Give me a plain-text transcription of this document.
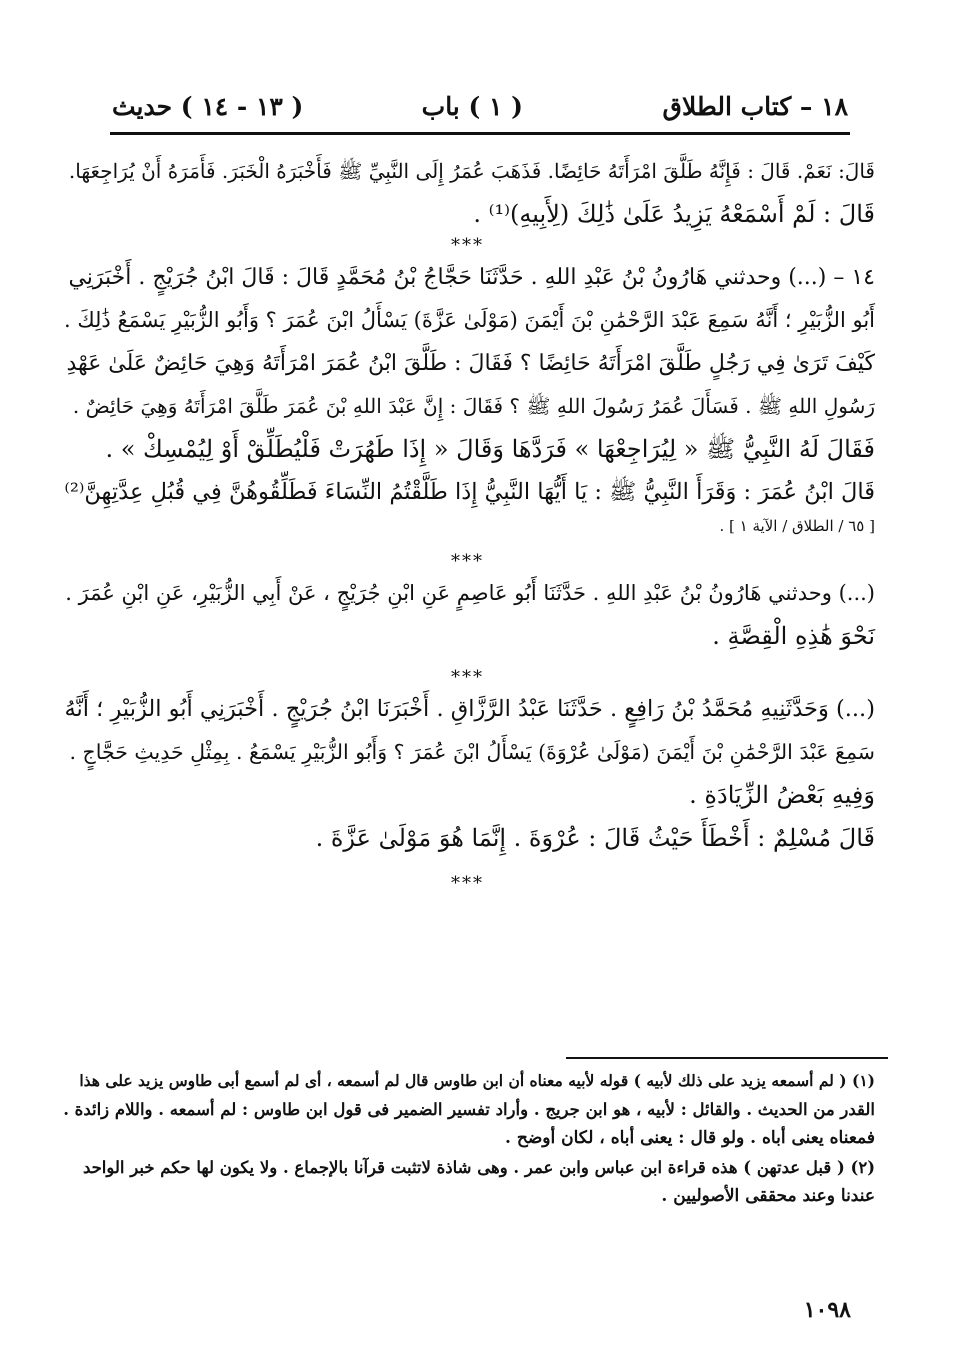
١٨ – كتاب الطلاق
( ١ ) باب
( ١٣ - ١٤ ) حديث
قَالَ: نَعَمْ. قَالَ : فَإِنَّهُ طَلَّقَ امْرَأَتَهُ حَائِضًا. فَذَهَبَ عُمَرُ إِلَى النَّبِيِّ ﷺ فَأَخْبَرَهُ الْخَبَرَ. فَأَمَرَهُ أَنْ يُرَاجِعَهَا.
قَالَ : لَمْ أَسْمَعْهُ يَزِيدُ عَلَىٰ ذَٰلِكَ (لِأَبِيهِ)⁽¹⁾ .
***
١٤ – (...) وحدثني هَارُونُ بْنُ عَبْدِ اللهِ . حَدَّثَنَا حَجَّاجُ بْنُ مُحَمَّدٍ قَالَ : قَالَ ابْنُ جُرَيْجٍ . أَخْبَرَنِي
أَبُو الزُّبَيْرِ ؛ أَنَّهُ سَمِعَ عَبْدَ الرَّحْمَٰنِ بْنَ أَيْمَنَ (مَوْلَىٰ عَزَّةَ) يَسْأَلُ ابْنَ عُمَرَ ؟ وَأَبُو الزُّبَيْرِ يَسْمَعُ ذَٰلِكَ .
كَيْفَ تَرَىٰ فِي رَجُلٍ طَلَّقَ امْرَأَتَهُ حَائِضًا ؟ فَقَالَ : طَلَّقَ ابْنُ عُمَرَ امْرَأَتَهُ وَهِيَ حَائِضٌ عَلَىٰ عَهْدِ
رَسُولِ اللهِ ﷺ . فَسَأَلَ عُمَرُ رَسُولَ اللهِ ﷺ ؟ فَقَالَ : إِنَّ عَبْدَ اللهِ بْنَ عُمَرَ طَلَّقَ امْرَأَتَهُ وَهِيَ حَائِضٌ .
فَقَالَ لَهُ النَّبِيُّ ﷺ « لِيُرَاجِعْهَا » فَرَدَّهَا وَقَالَ « إِذَا طَهُرَتْ فَلْيُطَلِّقْ أَوْ لِيُمْسِكْ » .
قَالَ ابْنُ عُمَرَ : وَقَرَأَ النَّبِيُّ ﷺ : يَا أَيُّهَا النَّبِيُّ إِذَا طَلَّقْتُمُ النِّسَاءَ فَطَلِّقُوهُنَّ فِي قُبُلِ عِدَّتِهِنَّ⁽²⁾
[ ٦٥ / الطلاق / الآية ١ ] .
***
(...) وحدثني هَارُونُ بْنُ عَبْدِ اللهِ . حَدَّثَنَا أَبُو عَاصِمٍ عَنِ ابْنِ جُرَيْجٍ ، عَنْ أَبِي الزُّبَيْرِ، عَنِ ابْنِ عُمَرَ .
نَحْوَ هَٰذِهِ الْقِصَّةِ .
***
(...) وَحَدَّثَنِيهِ مُحَمَّدُ بْنُ رَافِعٍ . حَدَّثَنَا عَبْدُ الرَّزَّاقِ . أَخْبَرَنَا ابْنُ جُرَيْجٍ . أَخْبَرَنِي أَبُو الزُّبَيْرِ ؛ أَنَّهُ
سَمِعَ عَبْدَ الرَّحْمَٰنِ بْنَ أَيْمَنَ (مَوْلَىٰ عُرْوَةَ) يَسْأَلُ ابْنَ عُمَرَ ؟ وَأَبُو الزُّبَيْرِ يَسْمَعُ . بِمِثْلِ حَدِيثِ حَجَّاجٍ .
وَفِيهِ بَعْضُ الزِّيَادَةِ .
قَالَ مُسْلِمٌ : أَخْطَأَ حَيْثُ قَالَ : عُرْوَةَ . إِنَّمَا هُوَ مَوْلَىٰ عَزَّةَ .
***
(١) ( لم أسمعه يزيد على ذلك لأبيه ) قوله لأبيه معناه أن ابن طاوس قال لم أسمعه ، أى لم أسمع أبى طاوس يزيد على هذا
القدر من الحديث . والقائل : لأبيه ، هو ابن جريج . وأراد تفسير الضمير فى قول ابن طاوس : لم أسمعه . واللام زائدة .
فمعناه يعنى أباه . ولو قال : يعنى أباه ، لكان أوضح .
(٢) ( قبل عدتهن ) هذه قراءة ابن عباس وابن عمر . وهى شاذة لاتثبت قرآنا بالإجماع . ولا يكون لها حكم خبر الواحد
عندنا وعند محققى الأصوليين .
١٠٩٨
